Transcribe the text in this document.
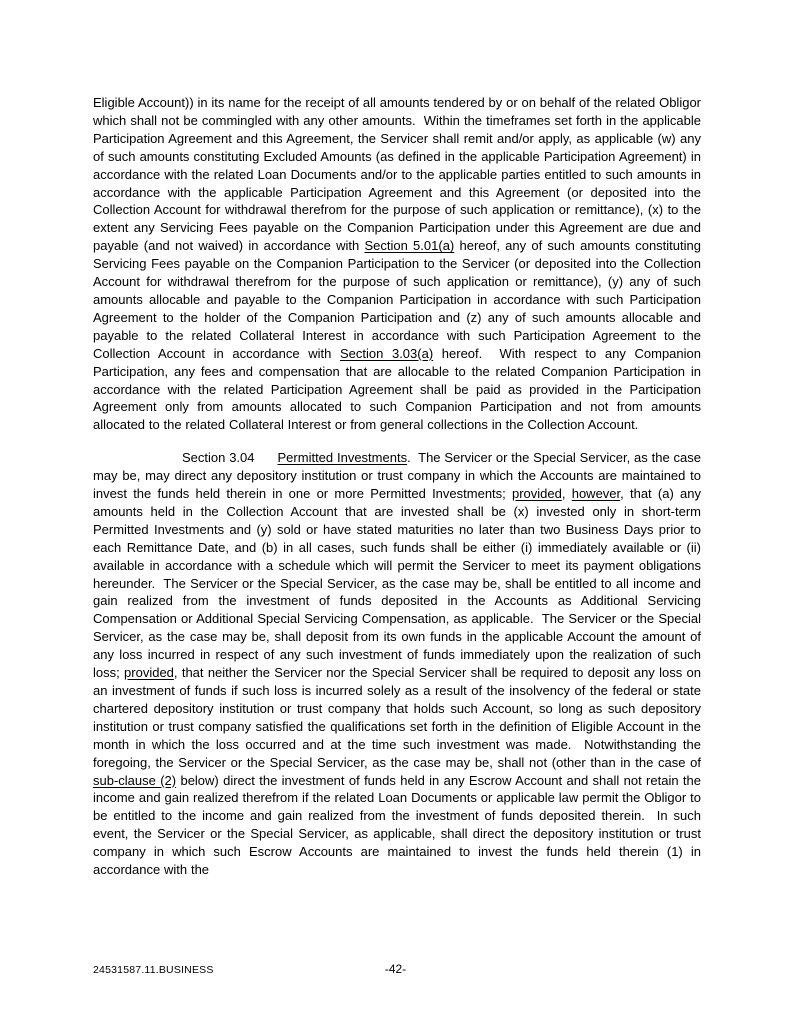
Eligible Account)) in its name for the receipt of all amounts tendered by or on behalf of the related Obligor which shall not be commingled with any other amounts.  Within the timeframes set forth in the applicable Participation Agreement and this Agreement, the Servicer shall remit and/or apply, as applicable (w) any of such amounts constituting Excluded Amounts (as defined in the applicable Participation Agreement) in accordance with the related Loan Documents and/or to the applicable parties entitled to such amounts in accordance with the applicable Participation Agreement and this Agreement (or deposited into the Collection Account for withdrawal therefrom for the purpose of such application or remittance), (x) to the extent any Servicing Fees payable on the Companion Participation under this Agreement are due and payable (and not waived) in accordance with Section 5.01(a) hereof, any of such amounts constituting Servicing Fees payable on the Companion Participation to the Servicer (or deposited into the Collection Account for withdrawal therefrom for the purpose of such application or remittance), (y) any of such amounts allocable and payable to the Companion Participation in accordance with such Participation Agreement to the holder of the Companion Participation and (z) any of such amounts allocable and payable to the related Collateral Interest in accordance with such Participation Agreement to the Collection Account in accordance with Section 3.03(a) hereof.  With respect to any Companion Participation, any fees and compensation that are allocable to the related Companion Participation in accordance with the related Participation Agreement shall be paid as provided in the Participation Agreement only from amounts allocated to such Companion Participation and not from amounts allocated to the related Collateral Interest or from general collections in the Collection Account.

Section 3.04      Permitted Investments.  The Servicer or the Special Servicer, as the case may be, may direct any depository institution or trust company in which the Accounts are maintained to invest the funds held therein in one or more Permitted Investments; provided, however, that (a) any amounts held in the Collection Account that are invested shall be (x) invested only in short-term Permitted Investments and (y) sold or have stated maturities no later than two Business Days prior to each Remittance Date, and (b) in all cases, such funds shall be either (i) immediately available or (ii) available in accordance with a schedule which will permit the Servicer to meet its payment obligations hereunder.  The Servicer or the Special Servicer, as the case may be, shall be entitled to all income and gain realized from the investment of funds deposited in the Accounts as Additional Servicing Compensation or Additional Special Servicing Compensation, as applicable.  The Servicer or the Special Servicer, as the case may be, shall deposit from its own funds in the applicable Account the amount of any loss incurred in respect of any such investment of funds immediately upon the realization of such loss; provided, that neither the Servicer nor the Special Servicer shall be required to deposit any loss on an investment of funds if such loss is incurred solely as a result of the insolvency of the federal or state chartered depository institution or trust company that holds such Account, so long as such depository institution or trust company satisfied the qualifications set forth in the definition of Eligible Account in the month in which the loss occurred and at the time such investment was made.  Notwithstanding the foregoing, the Servicer or the Special Servicer, as the case may be, shall not (other than in the case of sub-clause (2) below) direct the investment of funds held in any Escrow Account and shall not retain the income and gain realized therefrom if the related Loan Documents or applicable law permit the Obligor to be entitled to the income and gain realized from the investment of funds deposited therein.  In such event, the Servicer or the Special Servicer, as applicable, shall direct the depository institution or trust company in which such Escrow Accounts are maintained to invest the funds held therein (1) in accordance with the

24531587.11.BUSINESS	-42-
